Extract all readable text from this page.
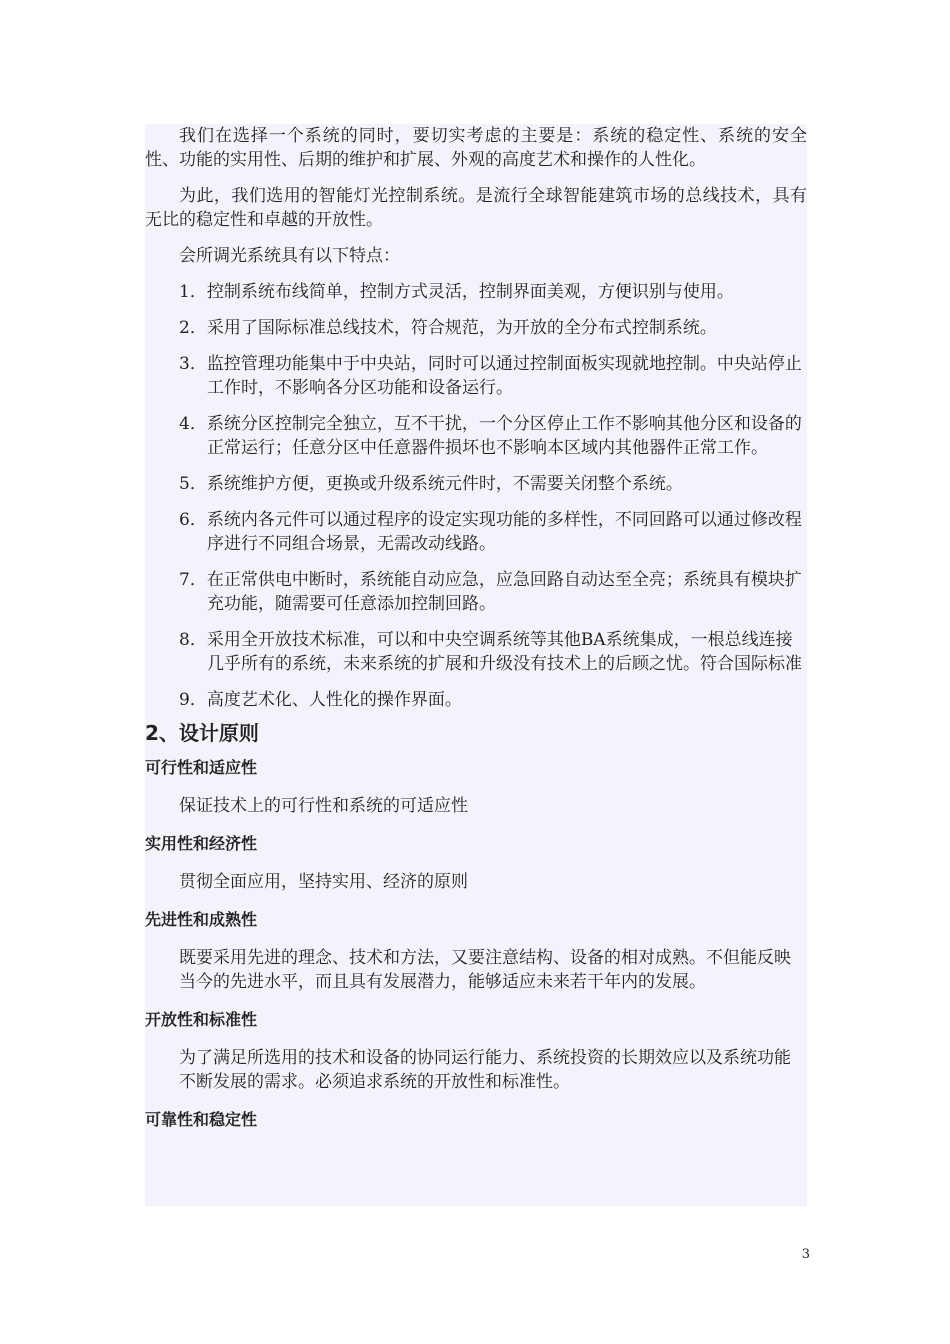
我们在选择一个系统的同时，要切实考虑的主要是：系统的稳定性、系统的安全性、功能的实用性、后期的维护和扩展、外观的高度艺术和操作的人性化。

为此，我们选用的智能灯光控制系统。是流行全球智能建筑市场的总线技术，具有无比的稳定性和卓越的开放性。

会所调光系统具有以下特点：

1．控制系统布线简单，控制方式灵活，控制界面美观，方便识别与使用。
2．采用了国际标准总线技术，符合规范，为开放的全分布式控制系统。
3．监控管理功能集中于中央站，同时可以通过控制面板实现就地控制。中央站停止工作时，不影响各分区功能和设备运行。
4．系统分区控制完全独立，互不干扰，一个分区停止工作不影响其他分区和设备的正常运行；任意分区中任意器件损坏也不影响本区域内其他器件正常工作。
5．系统维护方便，更换或升级系统元件时，不需要关闭整个系统。
6．系统内各元件可以通过程序的设定实现功能的多样性，不同回路可以通过修改程序进行不同组合场景，无需改动线路。
7．在正常供电中断时，系统能自动应急，应急回路自动达至全亮；系统具有模块扩充功能，随需要可任意添加控制回路。
8．采用全开放技术标准，可以和中央空调系统等其他BA系统集成，一根总线连接几乎所有的系统，未来系统的扩展和升级没有技术上的后顾之忧。符合国际标准
9．高度艺术化、人性化的操作界面。

2、设计原则

可行性和适应性

保证技术上的可行性和系统的可适应性

实用性和经济性

贯彻全面应用，坚持实用、经济的原则

先进性和成熟性

既要采用先进的理念、技术和方法，又要注意结构、设备的相对成熟。不但能反映当今的先进水平，而且具有发展潜力，能够适应未来若干年内的发展。

开放性和标准性

为了满足所选用的技术和设备的协同运行能力、系统投资的长期效应以及系统功能不断发展的需求。必须追求系统的开放性和标准性。

可靠性和稳定性

3
